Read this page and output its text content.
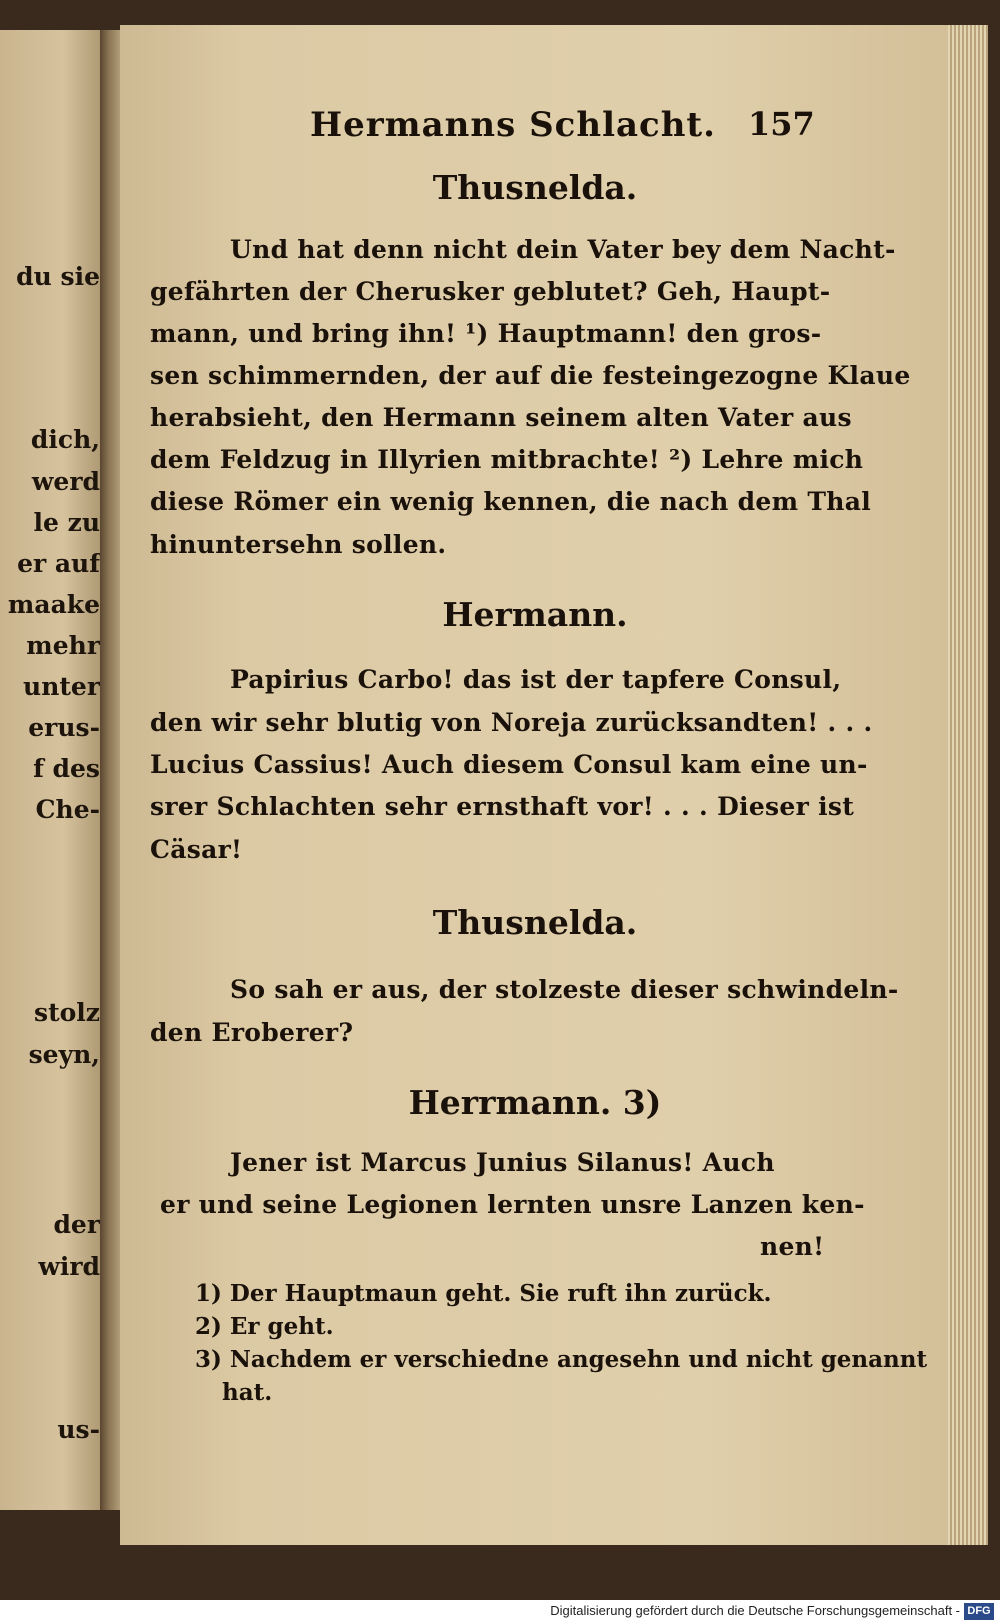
du sie
dich,
werd
le zu
er auf
maake
mehr
unter
erus-
f des
Che-
stolz
seyn,
der
wird
us-
Hermanns Schlacht. 157
Thusnelda.
Und hat denn nicht dein Vater bey dem Nacht-
gefährten der Cherusker geblutet? Geh, Haupt-
mann, und bring ihn! ¹) Hauptmann! den gros-
sen schimmernden, der auf die festeingezogne Klaue
herabsieht, den Hermann seinem alten Vater aus
dem Feldzug in Illyrien mitbrachte! ²) Lehre mich
diese Römer ein wenig kennen, die nach dem Thal
hinuntersehn sollen.
Hermann.
Papirius Carbo! das ist der tapfere Consul,
den wir sehr blutig von Noreja zurücksandten! . . .
Lucius Cassius! Auch diesem Consul kam eine un-
srer Schlachten sehr ernsthaft vor! . . . Dieser ist
Cäsar!
Thusnelda.
So sah er aus, der stolzeste dieser schwindeln-
den Eroberer?
Herrmann. 3)
Jener ist Marcus Junius Silanus! Auch
er und seine Legionen lernten unsre Lanzen ken-
nen!
1) Der Hauptmaun geht. Sie ruft ihn zurück.
2) Er geht.
3) Nachdem er verschiedne angesehn und nicht genannt
hat.
Digitalisierung gefördert durch die Deutsche Forschungsgemeinschaft - DFG
